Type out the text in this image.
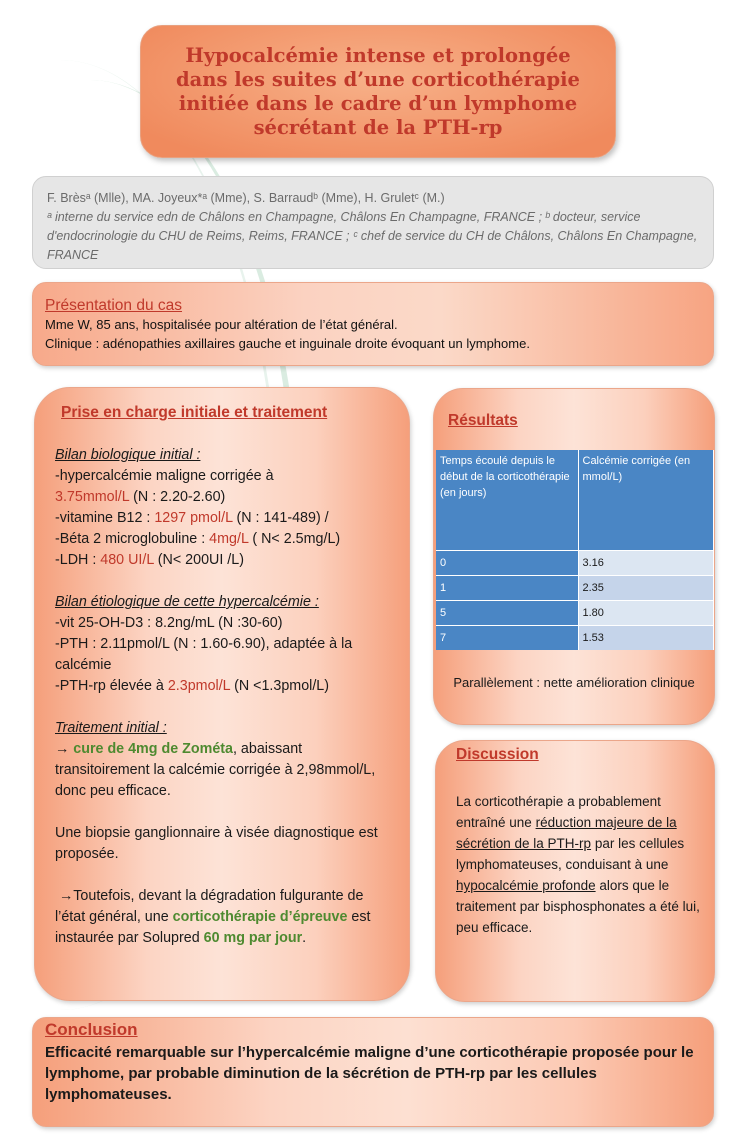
Hypocalcémie intense et prolongée dans les suites d’une corticothérapie initiée dans le cadre d’un lymphome sécrétant de la PTH-rp
F. Brèsᵃ (Mlle), MA. Joyeux*ᵃ (Mme), S. Barraudᵇ (Mme), H. Gruletᶜ (M.)
ᵃ interne du service edn de Châlons en Champagne, Châlons En Champagne, FRANCE ; ᵇ docteur, service d'endocrinologie du CHU de Reims, Reims, FRANCE ; ᶜ chef de service du CH de Châlons, Châlons En Champagne, FRANCE
Présentation du cas

Mme W, 85 ans, hospitalisée pour altération de l’état général.

Clinique : adénopathies axillaires gauche et inguinale droite évoquant un lymphome.

Prise en charge initiale et traitement
Bilan biologique initial :
-hypercalcémie maligne corrigée à
3.75mmol/L (N : 2.20-2.60)
-vitamine B12 : 1297 pmol/L (N : 141-489) /
-Béta 2 microglobuline : 4mg/L ( N< 2.5mg/L)
-LDH : 480 UI/L (N< 200UI /L)
Bilan étiologique de cette hypercalcémie :
-vit 25-OH-D3 : 8.2ng/mL (N :30-60)
-PTH : 2.11pmol/L (N : 1.60-6.90), adaptée à la calcémie
-PTH-rp élevée à 2.3pmol/L (N <1.3pmol/L)
Traitement initial :
→ cure de 4mg de Zométa, abaissant transitoirement la calcémie corrigée à 2,98mmol/L, donc peu efficace.
Une biopsie ganglionnaire à visée diagnostique est proposée.
→Toutefois, devant la dégradation fulgurante de l’état général, une corticothérapie d’épreuve est instaurée par Solupred 60 mg par jour.
Résultats
Temps écoulé depuis le début de la corticothérapie (en jours)	Calcémie corrigée (en mmol/L)
0	3.16
1	2.35
5	1.80
7	1.53
Parallèlement : nette amélioration clinique
Discussion
La corticothérapie a probablement entraîné une réduction majeure de la sécrétion de la PTH-rp par les cellules lymphomateuses, conduisant à une hypocalcémie profonde alors que le traitement par bisphosphonates a été lui, peu efficace.
Conclusion

Efficacité remarquable sur l’hypercalcémie maligne d’une corticothérapie proposée pour le lymphome, par probable diminution de la sécrétion de PTH-rp par les cellules lymphomateuses.
